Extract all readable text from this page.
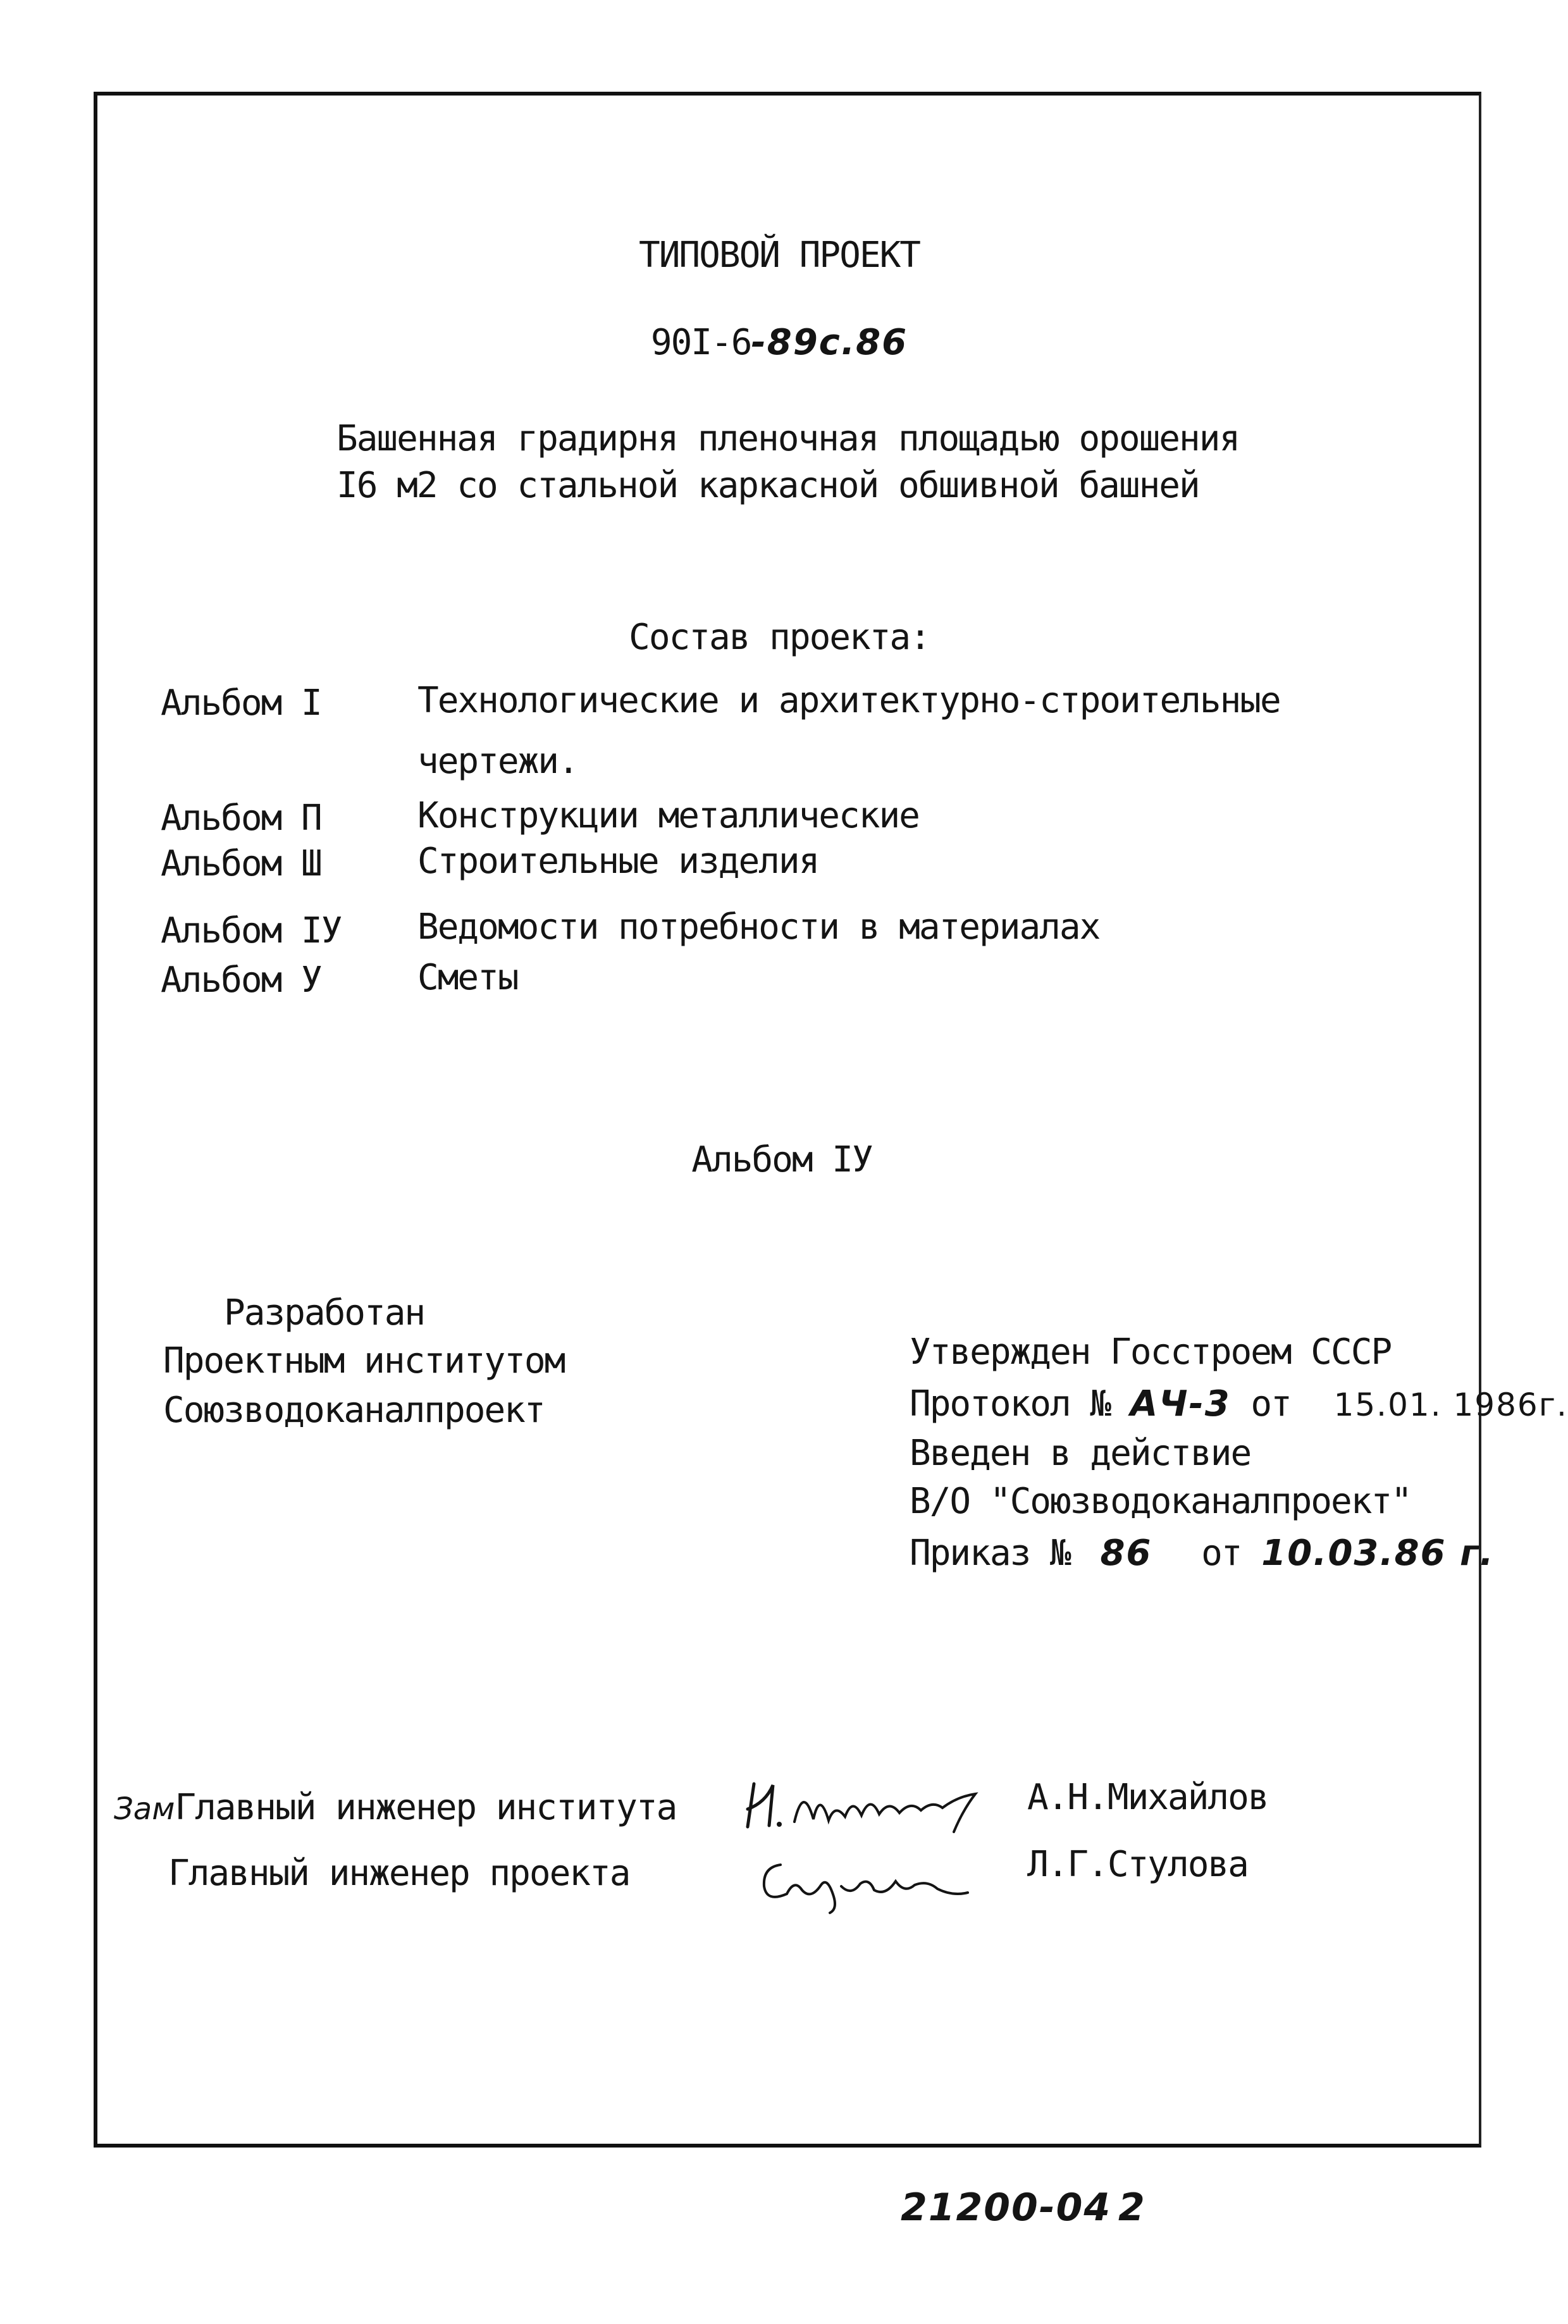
ТИПОВОЙ ПРОЕКТ
90I-6-89с.86
Башенная градирня пленочная площадью орошения
I6 м2 со стальной каркасной обшивной башней
Состав проекта:
Альбом I	Технологические и архитектурно-строительные
чертежи.
Альбом П	Конструкции металлические
Альбом Ш	Строительные изделия
Альбом IУ Ведомости потребности в материалах
Альбом У	Сметы
Альбом IУ
Разработан
Проектным институтом
Союзводоканалпроект
Утвержден Госстроем СССР
Протокол № АЧ-3 от 15.01. 1986г.
Введен в действие
В/О "Союзводоканалпроект"
Приказ № 86 от 10.03.86 г.
ЗамГлавный инженер института	А.Н.Михайлов
Главный инженер проекта	Л.Г.Стулова
21200-04 2
